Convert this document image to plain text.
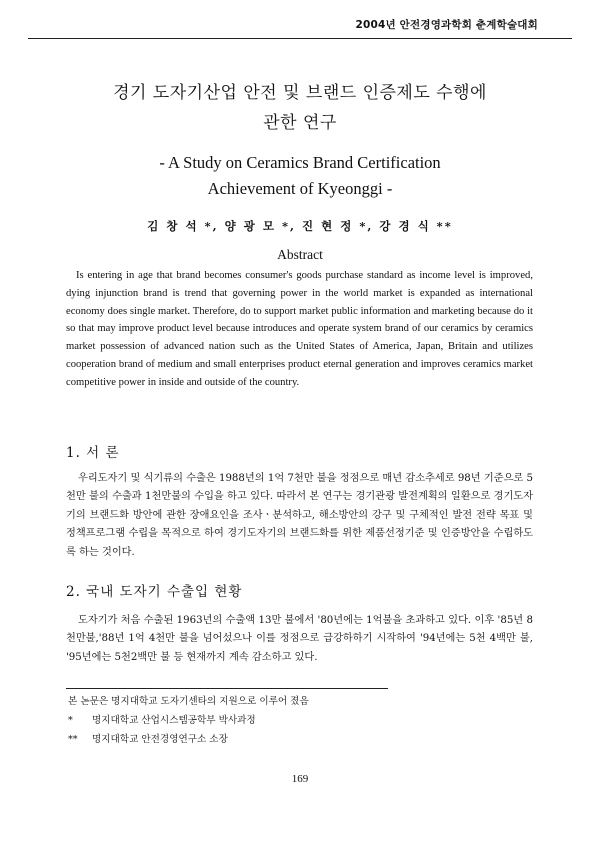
2004년 안전경영과학회 춘계학술대회
경기 도자기산업 안전 및 브랜드 인증제도 수행에
관한 연구
- A Study on Ceramics Brand Certification
Achievement of Kyeonggi -
김 창 석 *, 양 광 모 *, 진 현 정 *, 강 경 식 **
Abstract
Is entering in age that brand becomes consumer's goods purchase standard as income level is improved, dying injunction brand is trend that governing power in the world market is expanded as international economy does single market. Therefore, do to support market public information and marketing because do it so that may improve product level because introduces and operate system brand of our ceramics by ceramics market possession of advanced nation such as the United States of America, Japan, Britain and utilizes cooperation brand of medium and small enterprises product eternal generation and improves ceramics market competitive power in inside and outside of the country.
1. 서 론
우리도자기 및 식기류의 수출은 1988년의 1억 7천만 불을 정점으로 매년 감소추세로 98년 기준으로 5천만 불의 수출과 1천만불의 수입을 하고 있다. 따라서 본 연구는 경기관광 발전계획의 일환으로 경기도자기의 브랜드화 방안에 관한 장애요인을 조사ㆍ분석하고, 해소방안의 강구 및 구체적인 발전 전략 목표 및 정책프로그램 수립을 목적으로 하여 경기도자기의 브랜드화를 위한 제품선정기준 및 인증방안을 수립하도록 하는 것이다.
2. 국내 도자기 수출입 현황
도자기가 처음 수출된 1963년의 수출액 13만 불에서 '80년에는 1억불을 초과하고 있다. 이후 '85년 8천만불,'88년 1억 4천만 불을 넘어섰으나 이를 정점으로 급강하하기 시작하여 '94년에는 5천 4백만 불, '95년에는 5천2백만 불 등 현재까지 계속 감소하고 있다.
본 논문은 명지대학교 도자기센타의 지원으로 이루어 졌음
*	명지대학교 산업시스템공학부 박사과정
**	명지대학교 안전경영연구소 소장
169
